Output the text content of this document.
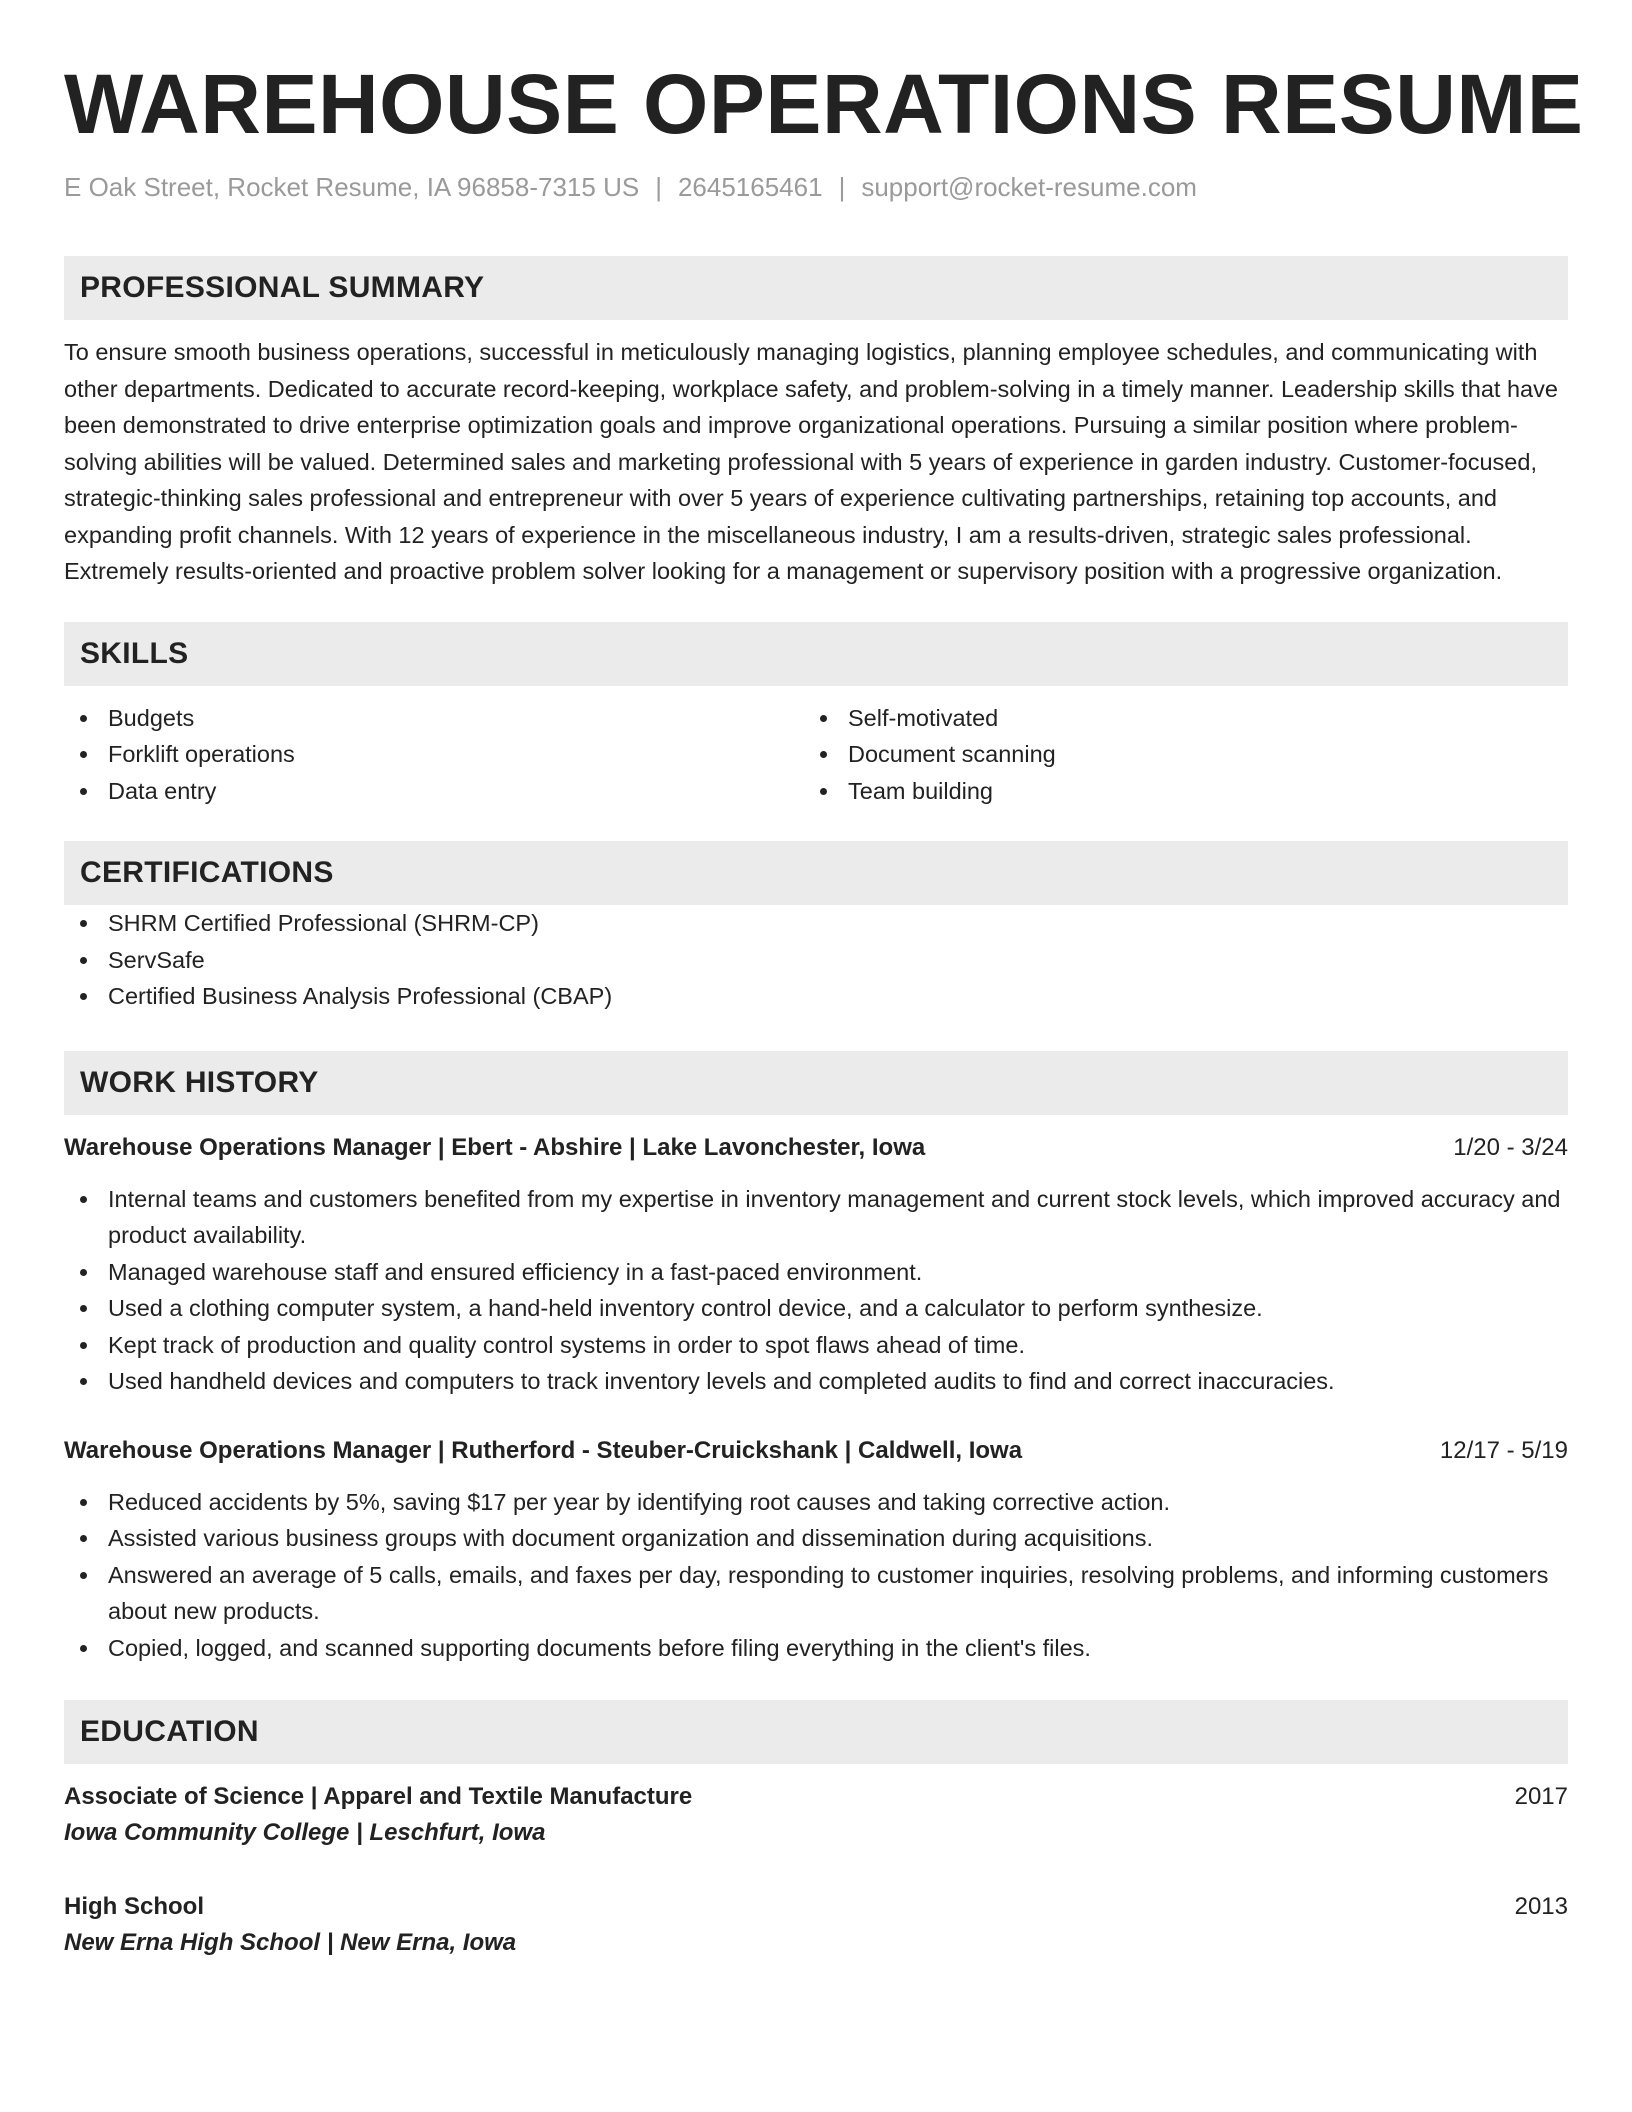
WAREHOUSE OPERATIONS RESUME
E Oak Street, Rocket Resume, IA 96858-7315 US | 2645165461 | support@rocket-resume.com
PROFESSIONAL SUMMARY
To ensure smooth business operations, successful in meticulously managing logistics, planning employee schedules, and communicating with other departments. Dedicated to accurate record-keeping, workplace safety, and problem-solving in a timely manner. Leadership skills that have been demonstrated to drive enterprise optimization goals and improve organizational operations. Pursuing a similar position where problem-solving abilities will be valued. Determined sales and marketing professional with 5 years of experience in garden industry. Customer-focused, strategic-thinking sales professional and entrepreneur with over 5 years of experience cultivating partnerships, retaining top accounts, and expanding profit channels. With 12 years of experience in the miscellaneous industry, I am a results-driven, strategic sales professional. Extremely results-oriented and proactive problem solver looking for a management or supervisory position with a progressive organization.
SKILLS
Budgets
Forklift operations
Data entry
Self-motivated
Document scanning
Team building
CERTIFICATIONS
SHRM Certified Professional (SHRM-CP)
ServSafe
Certified Business Analysis Professional (CBAP)
WORK HISTORY
Warehouse Operations Manager | Ebert - Abshire | Lake Lavonchester, Iowa	1/20 - 3/24
Internal teams and customers benefited from my expertise in inventory management and current stock levels, which improved accuracy and product availability.
Managed warehouse staff and ensured efficiency in a fast-paced environment.
Used a clothing computer system, a hand-held inventory control device, and a calculator to perform synthesize.
Kept track of production and quality control systems in order to spot flaws ahead of time.
Used handheld devices and computers to track inventory levels and completed audits to find and correct inaccuracies.
Warehouse Operations Manager | Rutherford - Steuber-Cruickshank | Caldwell, Iowa	12/17 - 5/19
Reduced accidents by 5%, saving $17 per year by identifying root causes and taking corrective action.
Assisted various business groups with document organization and dissemination during acquisitions.
Answered an average of 5 calls, emails, and faxes per day, responding to customer inquiries, resolving problems, and informing customers about new products.
Copied, logged, and scanned supporting documents before filing everything in the client's files.
EDUCATION
Associate of Science | Apparel and Textile Manufacture	2017
Iowa Community College | Leschfurt, Iowa
High School	2013
New Erna High School | New Erna, Iowa
